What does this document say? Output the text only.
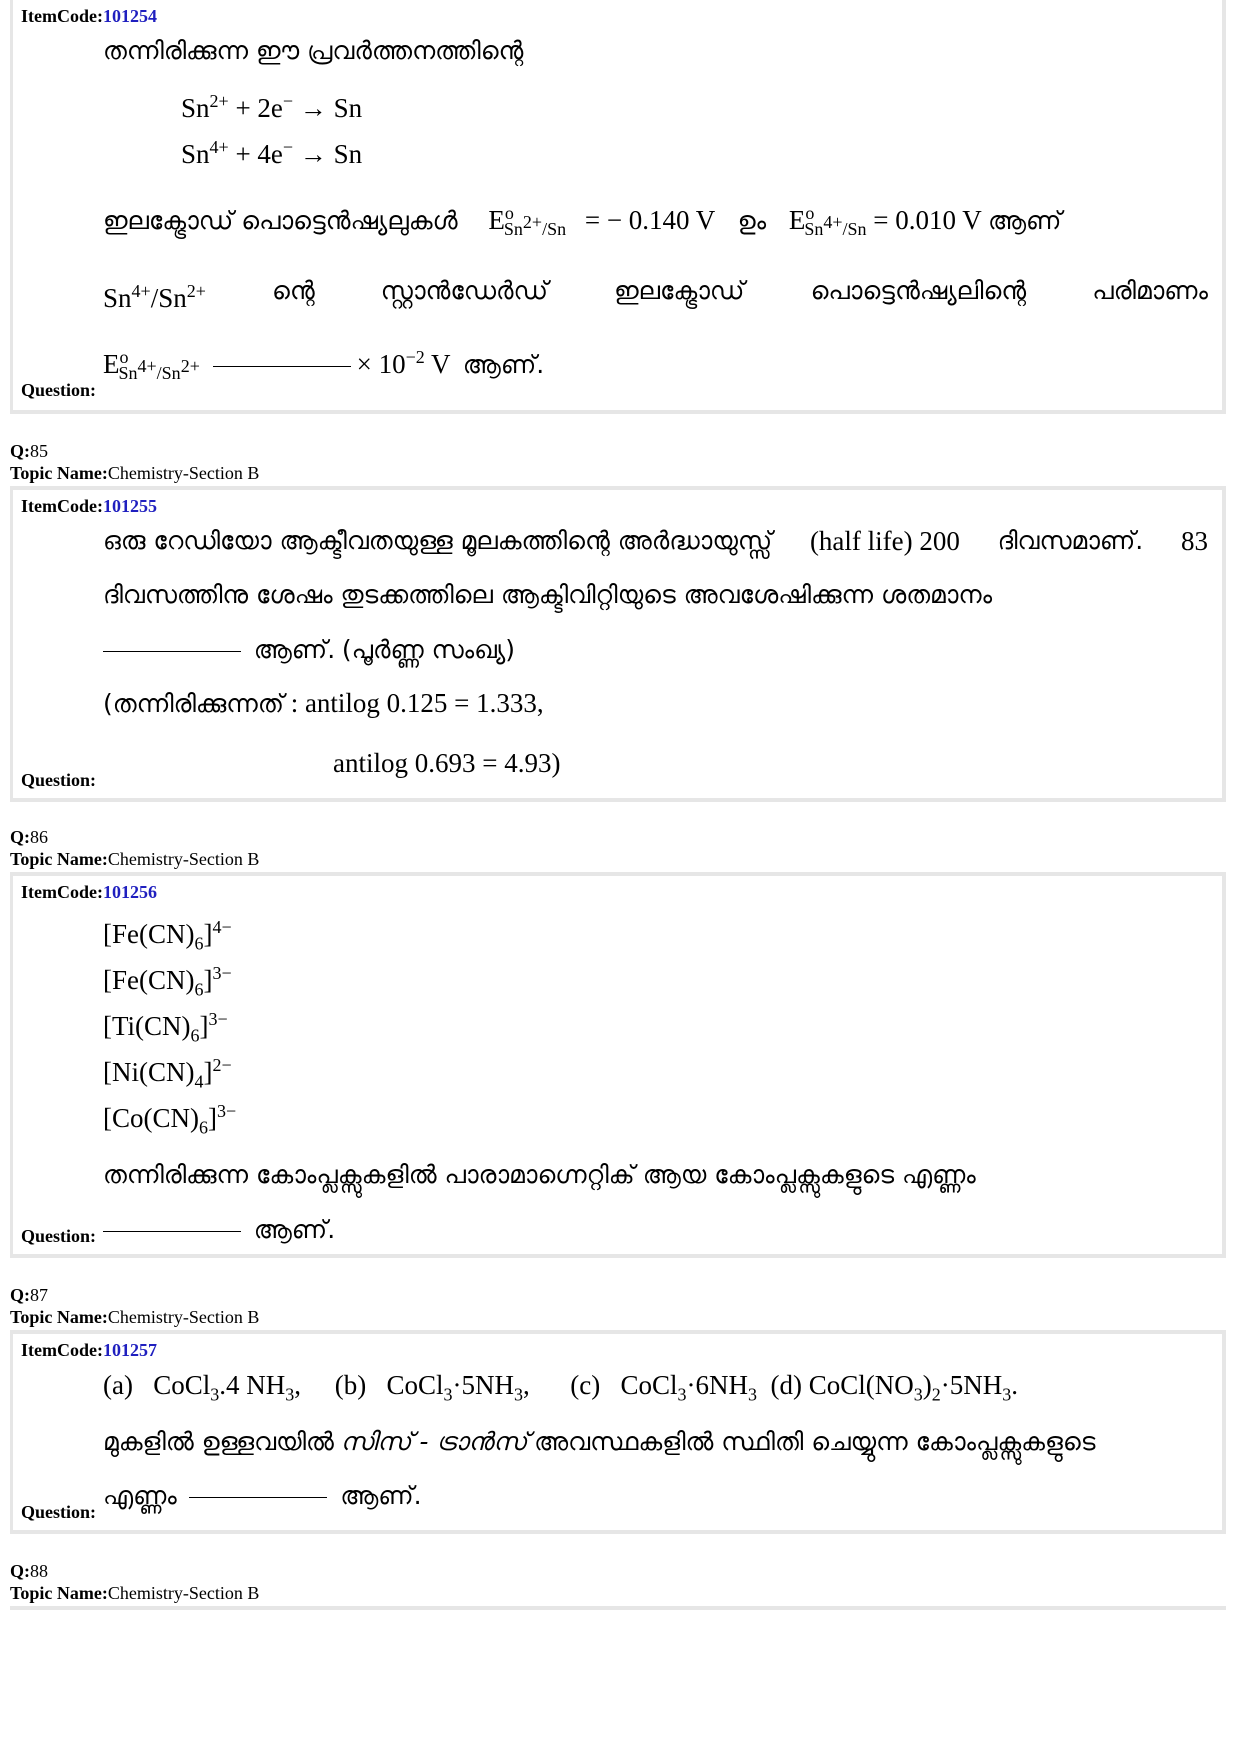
ItemCode:101254
തന്നിരിക്കുന്ന ഈ പ്രവർത്തനത്തിന്റെ
$Sn^{2+} + 2e^- \to Sn$
$Sn^{4+} + 4e^- \to Sn$
ഇലക്ട്രോഡ് പൊട്ടെൻഷ്യലുകൾ $E^o_{Sn^{2+}/Sn}$ = − 0.140 V ഉം $E^o_{Sn^{4+}/Sn} = 0.010$ V ആണ്
$Sn^{4+}/Sn^{2+}$	ന്റെ	സ്റ്റാൻഡേർഡ്	ഇലക്ട്രോഡ്	പൊട്ടെൻഷ്യലിന്റെ	പരിമാണം
$E^o_{Sn^{4+}/Sn^{2+}}$	× $10^{-2}$ V ആണ്.
Question:
Q:85
Topic Name:Chemistry-Section B
ItemCode:101255
ഒരു റേഡിയോ ആക്ടീവതയുള്ള മൂലകത്തിന്റെ അർദ്ധായുസ്സ് (half life) 200 ദിവസമാണ്. 83
ദിവസത്തിനു ശേഷം തുടക്കത്തിലെ ആക്ടിവിറ്റിയുടെ അവശേഷിക്കുന്ന ശതമാനം
ആണ്. (പൂർണ്ണ സംഖ്യ)
(തന്നിരിക്കുന്നത് : antilog 0.125 = 1.333,
antilog 0.693 = 4.93)
Question:
Q:86
Topic Name:Chemistry-Section B
ItemCode:101256
$[Fe(CN)_6]^{4-}$
$[Fe(CN)_6]^{3-}$
$[Ti(CN)_6]^{3-}$
$[Ni(CN)_4]^{2-}$
$[Co(CN)_6]^{3-}$
തന്നിരിക്കുന്ന കോംപ്ലക്സുകളിൽ പാരാമാഗ്നെറ്റിക് ആയ കോംപ്ലക്സുകളുടെ എണ്ണം
ആണ്.
Question:
Q:87
Topic Name:Chemistry-Section B
ItemCode:101257
(a)   CoCl$_3$.4 $NH_3$,     (b)   $CoCl_3\cdot 5NH_3$,      (c)   $CoCl_3\cdot 6NH_3$  (d) $CoCl(NO_3)_2\cdot 5NH_3$.
മുകളിൽ ഉള്ളവയിൽ സിസ് - ട്രാൻസ് അവസ്ഥകളിൽ സ്ഥിതി ചെയ്യുന്ന കോംപ്ലക്സുകളുടെ
എണ്ണം	ആണ്.
Question:
Q:88
Topic Name:Chemistry-Section B
